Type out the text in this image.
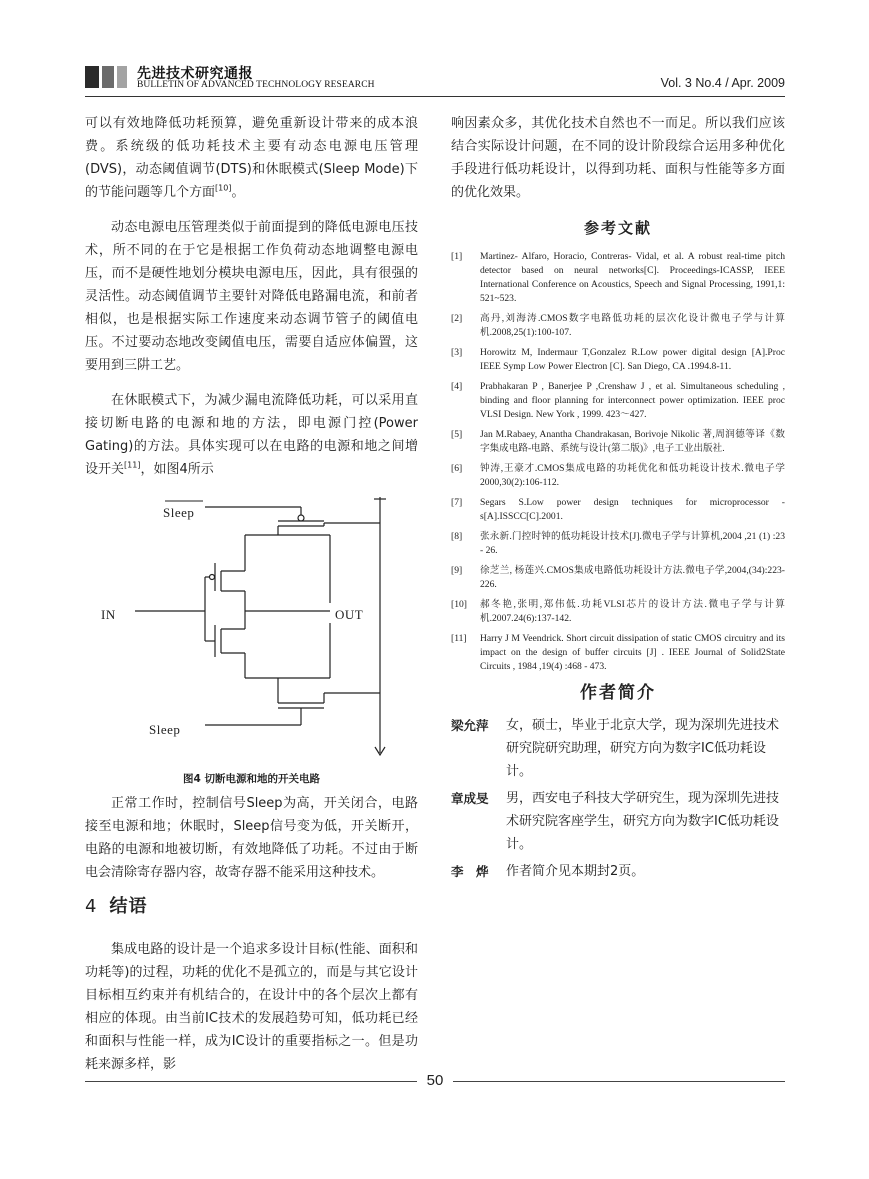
先进技术研究通报
BULLETIN OF ADVANCED TECHNOLOGY RESEARCH	Vol. 3 No.4 / Apr. 2009

可以有效地降低功耗预算，避免重新设计带来的成本浪费。系统级的低功耗技术主要有动态电源电压管理(DVS)，动态阈值调节(DTS)和休眠模式(Sleep Mode)下的节能问题等几个方面[10]。

动态电源电压管理类似于前面提到的降低电源电压技术，所不同的在于它是根据工作负荷动态地调整电源电压，而不是硬性地划分模块电源电压，因此，具有很强的灵活性。动态阈值调节主要针对降低电路漏电流，和前者相似，也是根据实际工作速度来动态调节管子的阈值电压。不过要动态地改变阈值电压，需要自适应体偏置，这要用到三阱工艺。

在休眠模式下，为减少漏电流降低功耗，可以采用直接切断电路的电源和地的方法，即电源门控(Power Gating)的方法。具体实现可以在电路的电源和地之间增设开关[11]，如图4所示

Sleep
IN	OUT
Sleep
图4 切断电源和地的开关电路

正常工作时，控制信号Sleep为高，开关闭合，电路接至电源和地；休眠时，Sleep信号变为低，开关断开，电路的电源和地被切断，有效地降低了功耗。不过由于断电会清除寄存器内容，故寄存器不能采用这种技术。

4 结语

集成电路的设计是一个追求多设计目标(性能、面积和功耗等)的过程，功耗的优化不是孤立的，而是与其它设计目标相互约束并有机结合的，在设计中的各个层次上都有相应的体现。由当前IC技术的发展趋势可知，低功耗已经和面积与性能一样，成为IC设计的重要指标之一。但是功耗来源多样，影

响因素众多，其优化技术自然也不一而足。所以我们应该结合实际设计问题，在不同的设计阶段综合运用多种优化手段进行低功耗设计，以得到功耗、面积与性能等多方面的优化效果。

参考文献
[1]	Martinez- Alfaro, Horacio, Contreras- Vidal, et al. A robust real-time pitch detector based on neural networks[C]. Proceedings-ICASSP, IEEE International Conference on Acoustics, Speech and Signal Processing, 1991,1: 521~523.
[2]	高丹,刘海涛.CMOS数字电路低功耗的层次化设计微电子学与计算机.2008,25(1):100-107.
[3]	Horowitz M, Indermaur T,Gonzalez R.Low power digital design [A].Proc IEEE Symp Low Power Electron [C]. San Diego, CA .1994.8-11.
[4]	Prabhakaran P , Banerjee P ,Crenshaw J , et al. Simultaneous scheduling , binding and floor planning for interconnect power optimization. IEEE proc VLSI Design. New York , 1999. 423～427.
[5]	Jan M.Rabaey, Anantha Chandrakasan, Borivoje Nikolic 著,周润德等译《数字集成电路-电路、系统与设计(第二版)》,电子工业出版社.
[6]	钟涛,王豪才.CMOS集成电路的功耗优化和低功耗设计技术.微电子学2000,30(2):106-112.
[7]	Segars S.Low power design techniques for microprocessor -s[A].ISSCC[C].2001.
[8]	张永新.门控时钟的低功耗设计技术[J].微电子学与计算机,2004 ,21 (1) :23 - 26.
[9]	徐芝兰, 杨莲兴.CMOS集成电路低功耗设计方法.微电子学,2004,(34):223-226.
[10]	郝冬艳,张明,郑伟低.功耗VLSI芯片的设计方法.微电子学与计算机.2007.24(6):137-142.
[11]	Harry J M Veendrick. Short circuit dissipation of static CMOS circuitry and its impact on the design of buffer circuits [J] . IEEE Journal of Solid2State Circuits , 1984 ,19(4) :468 - 473.
作者简介
梁允萍	女，硕士，毕业于北京大学，现为深圳先进技术研究院研究助理，研究方向为数字IC低功耗设计。
章成旻	男，西安电子科技大学研究生，现为深圳先进技术研究院客座学生，研究方向为数字IC低功耗设计。
李　烨	作者简介见本期封2页。
50
